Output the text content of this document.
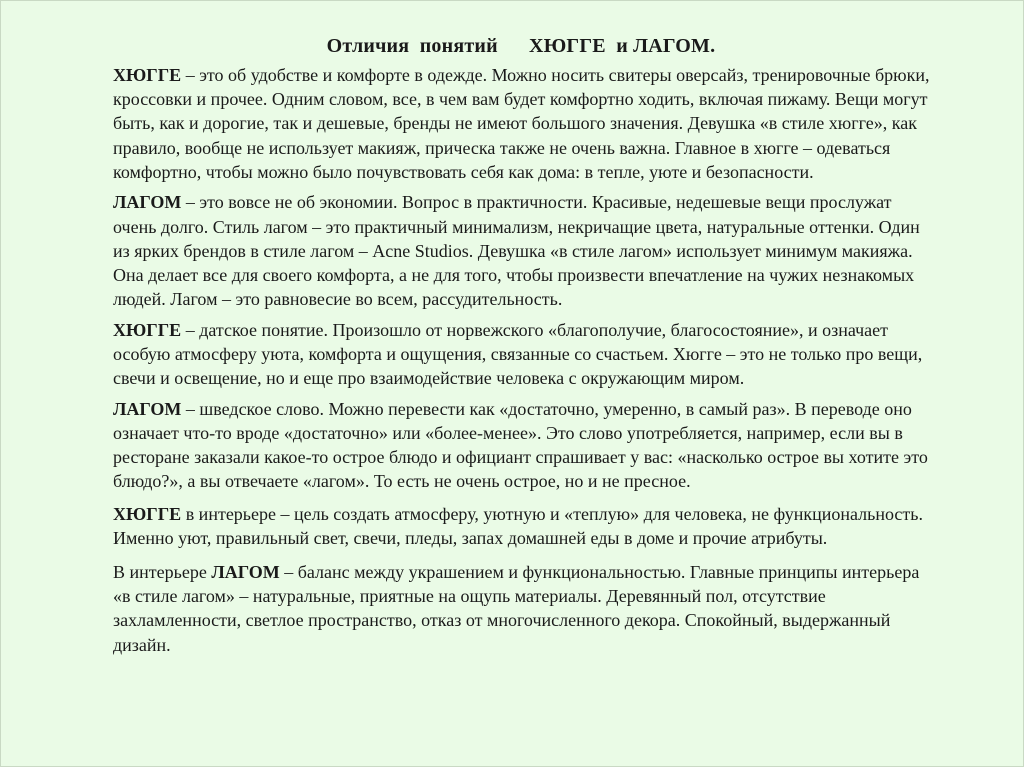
Отличия  понятий      ХЮГГЕ  и ЛАГОМ.

ХЮГГЕ – это об удобстве и комфорте в одежде. Можно носить свитеры оверсайз, тренировочные брюки, кроссовки и прочее. Одним словом, все, в чем вам будет комфортно ходить, включая пижаму. Вещи могут быть, как и дорогие, так и дешевые, бренды не имеют большого значения. Девушка «в стиле хюгге», как правило, вообще не использует макияж, прическа также не очень важна. Главное в хюгге – одеваться комфортно, чтобы можно было почувствовать себя как дома: в тепле, уюте и безопасности.

ЛАГОМ – это вовсе не об экономии. Вопрос в практичности. Красивые, недешевые вещи прослужат очень долго. Стиль лагом – это практичный минимализм, некричащие цвета, натуральные оттенки. Один из ярких брендов в стиле лагом – Acne Studios. Девушка «в стиле лагом» использует минимум макияжа. Она делает все для своего комфорта, а не для того, чтобы произвести впечатление на чужих незнакомых людей. Лагом – это равновесие во всем, рассудительность.

ХЮГГЕ – датское понятие. Произошло от норвежского «благополучие, благосостояние», и означает особую атмосферу уюта, комфорта и ощущения, связанные со счастьем. Хюгге – это не только про вещи, свечи и освещение, но и еще про взаимодействие человека с окружающим миром.

ЛАГОМ – шведское слово. Можно перевести как «достаточно, умеренно, в самый раз». В переводе оно означает что-то вроде «достаточно» или «более-менее». Это слово употребляется, например, если вы в ресторане заказали какое-то острое блюдо и официант спрашивает у вас: «насколько острое вы хотите это блюдо?», а вы отвечаете «лагом». То есть не очень острое, но и не пресное.

ХЮГГЕ в интерьере – цель создать атмосферу, уютную и «теплую» для человека, не функциональность. Именно уют, правильный свет, свечи, пледы, запах домашней еды в доме и прочие атрибуты.

В интерьере ЛАГОМ – баланс между украшением и функциональностью. Главные принципы интерьера «в стиле лагом» – натуральные, приятные на ощупь материалы. Деревянный пол, отсутствие захламленности, светлое пространство, отказ от многочисленного декора. Спокойный, выдержанный дизайн.
